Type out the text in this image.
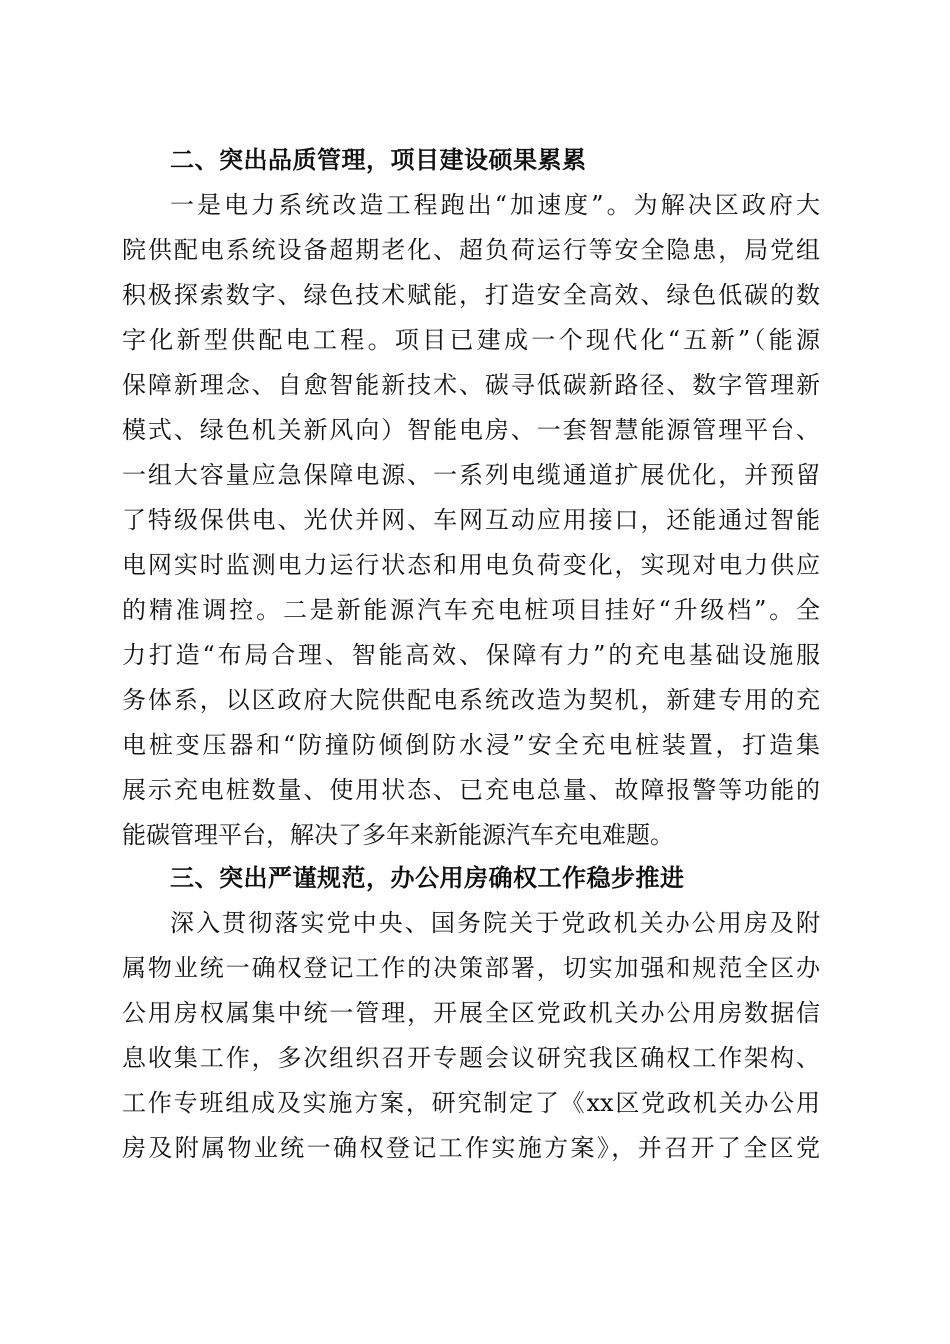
二、突出品质管理，项目建设硕果累累
一是电力系统改造工程跑出“加速度”。为解决区政府大
院供配电系统设备超期老化、超负荷运行等安全隐患，局党组
积极探索数字、绿色技术赋能，打造安全高效、绿色低碳的数
字化新型供配电工程。项目已建成一个现代化“五新”（能源
保障新理念、自愈智能新技术、碳寻低碳新路径、数字管理新
模式、绿色机关新风向）智能电房、一套智慧能源管理平台、
一组大容量应急保障电源、一系列电缆通道扩展优化，并预留
了特级保供电、光伏并网、车网互动应用接口，还能通过智能
电网实时监测电力运行状态和用电负荷变化，实现对电力供应
的精准调控。二是新能源汽车充电桩项目挂好“升级档”。全
力打造“布局合理、智能高效、保障有力”的充电基础设施服
务体系，以区政府大院供配电系统改造为契机，新建专用的充
电桩变压器和“防撞防倾倒防水浸”安全充电桩装置，打造集
展示充电桩数量、使用状态、已充电总量、故障报警等功能的
能碳管理平台，解决了多年来新能源汽车充电难题。
三、突出严谨规范，办公用房确权工作稳步推进
深入贯彻落实党中央、国务院关于党政机关办公用房及附
属物业统一确权登记工作的决策部署，切实加强和规范全区办
公用房权属集中统一管理，开展全区党政机关办公用房数据信
息收集工作，多次组织召开专题会议研究我区确权工作架构、
工作专班组成及实施方案，研究制定了《xx区党政机关办公用
房及附属物业统一确权登记工作实施方案》，并召开了全区党
